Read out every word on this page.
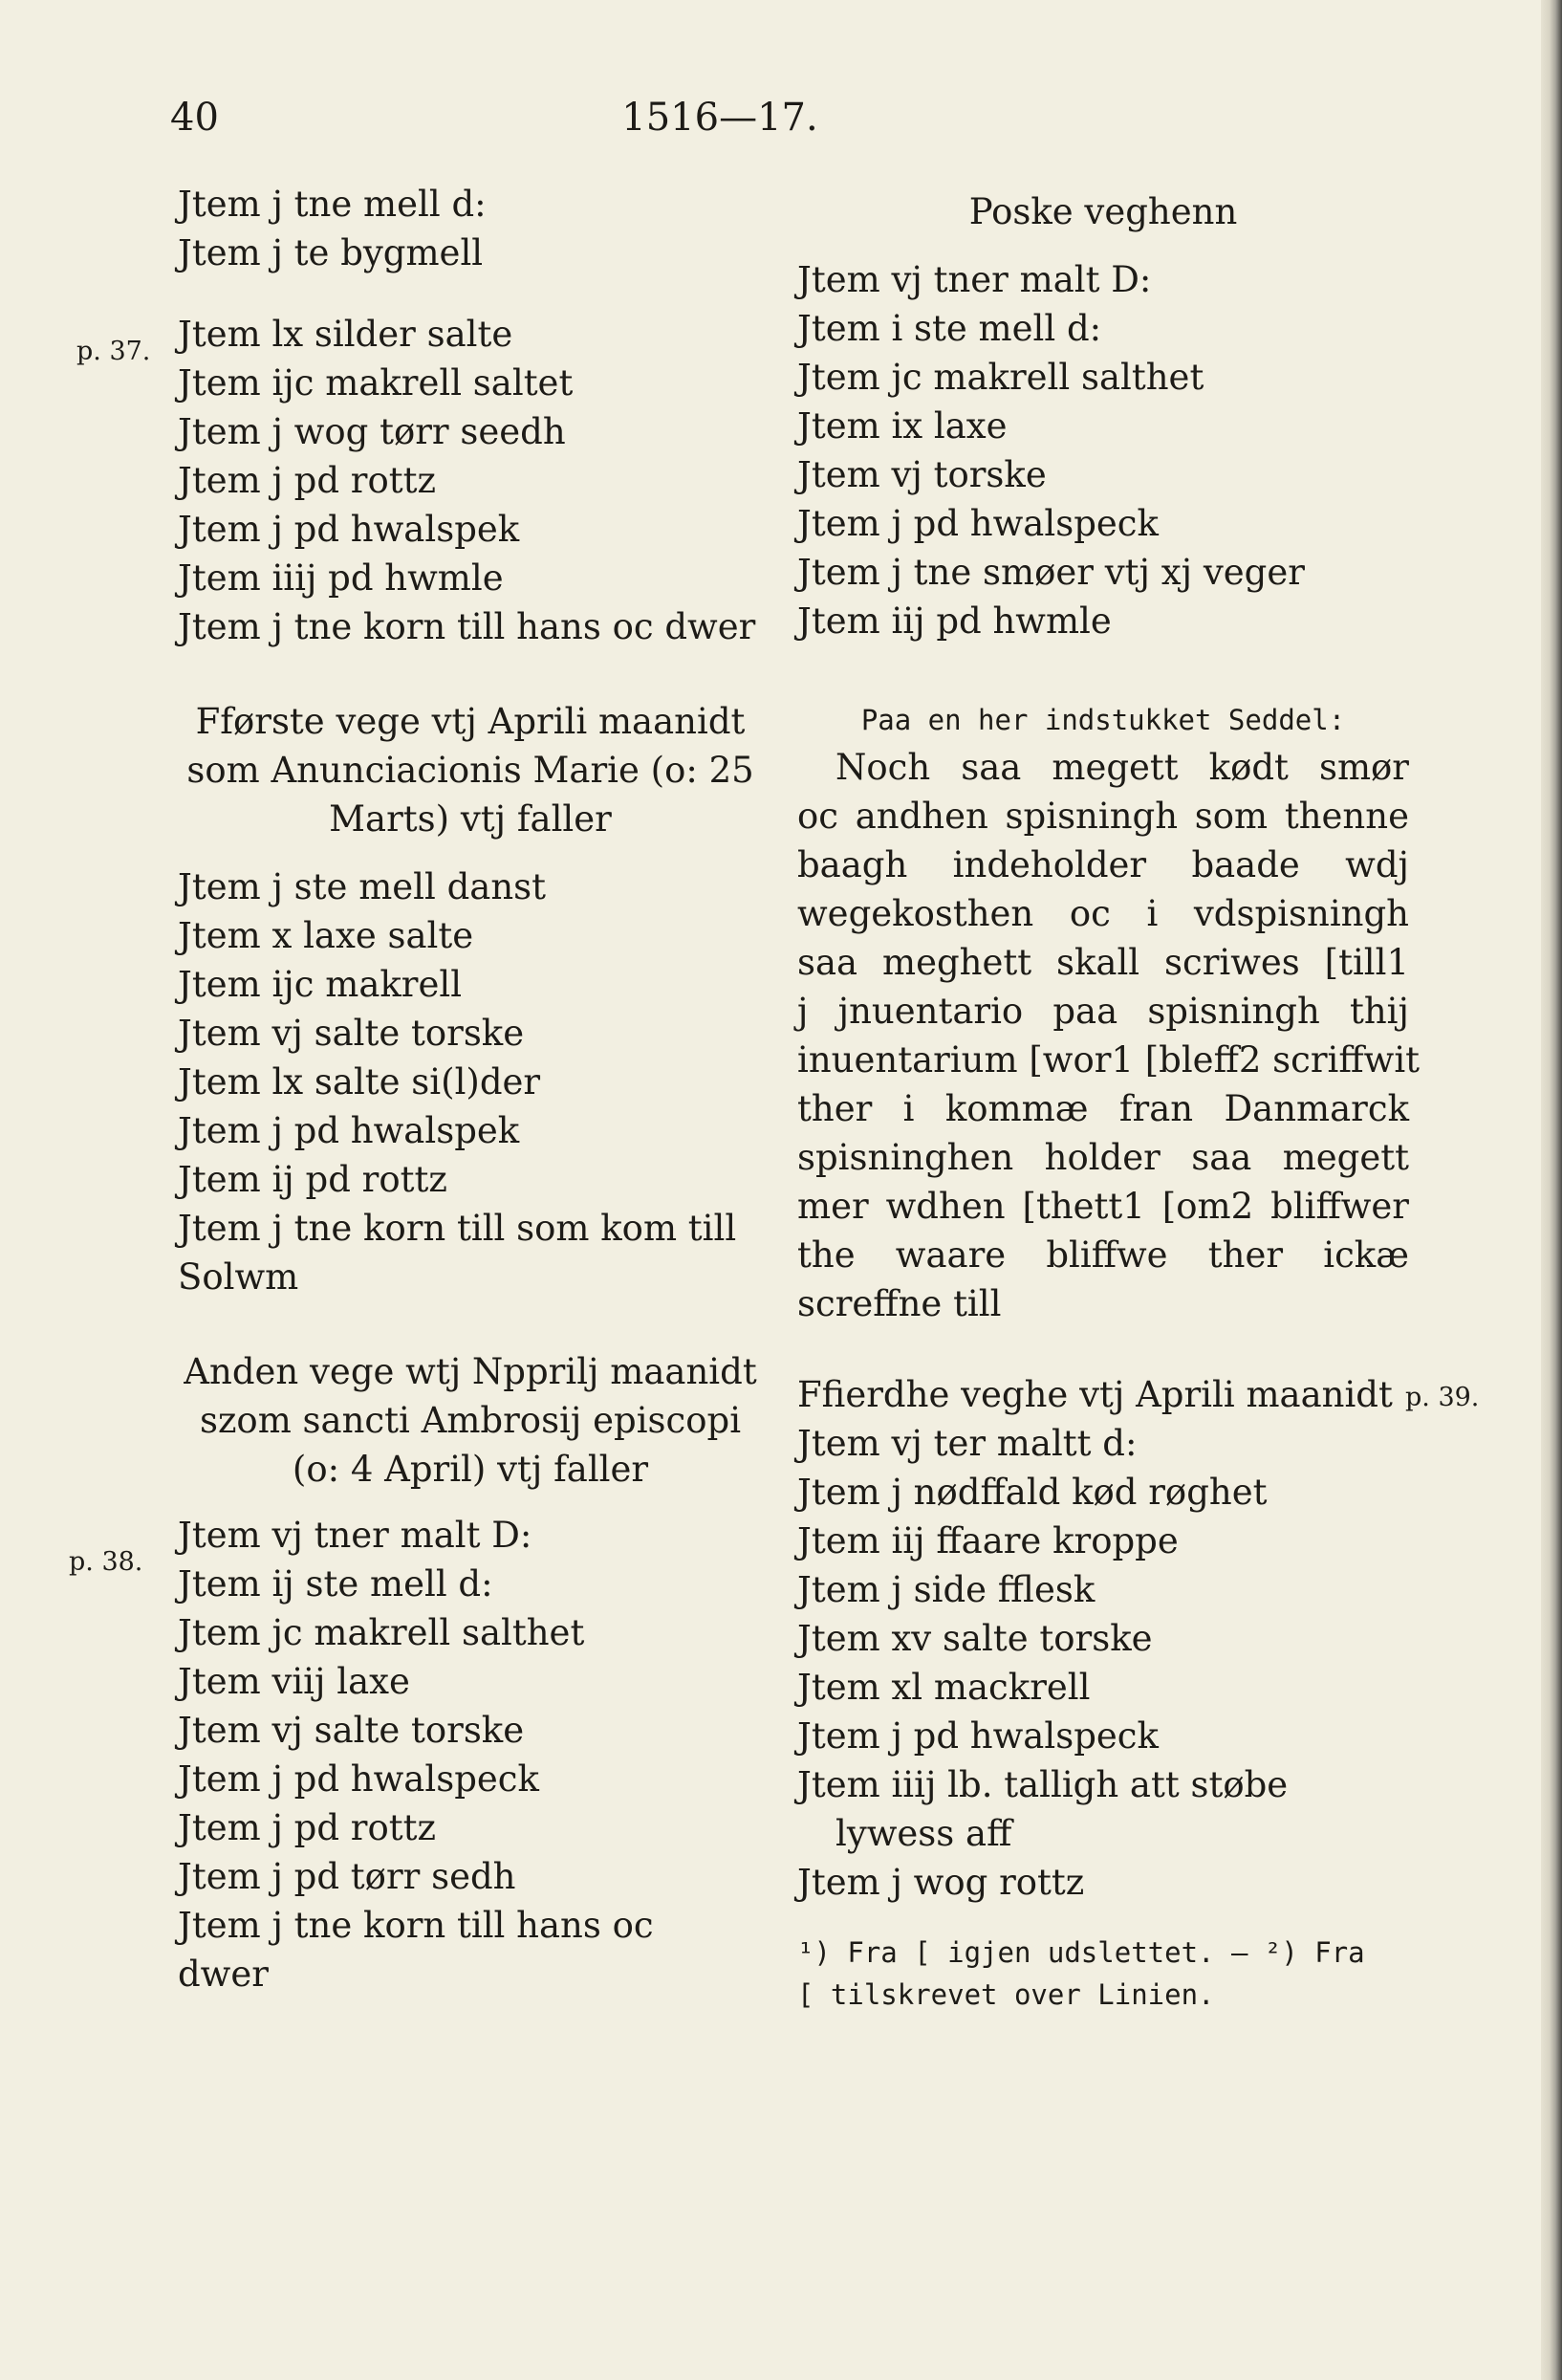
40	1516—17.
p. 37.
p. 38.
p. 39.
Jtem j tne mell d:
Jtem j te bygmell
Jtem lx silder salte
Jtem ijc makrell saltet
Jtem j wog tørr seedh
Jtem j pd rottz
Jtem j pd hwalspek
Jtem iiij pd hwmle
Jtem j tne korn till hans oc dwer
Fførste vege vtj Aprili maanidt
som Anunciacionis Marie (o: 25
Marts) vtj faller
Jtem j ste mell danst
Jtem x laxe salte
Jtem ijc makrell
Jtem vj salte torske
Jtem lx salte si(l)der
Jtem j pd hwalspek
Jtem ij pd rottz
Jtem j tne korn till som kom till
Solwm
Anden vege wtj Npprilj maanidt
szom sancti Ambrosij episcopi
(o: 4 April) vtj faller
Jtem vj tner malt D:
Jtem ij ste mell d:
Jtem jc makrell salthet
Jtem viij laxe
Jtem vj salte torske
Jtem j pd hwalspeck
Jtem j pd rottz
Jtem j pd tørr sedh
Jtem j tne korn till hans oc
dwer
Poske veghenn
Jtem vj tner malt D:
Jtem i ste mell d:
Jtem jc makrell salthet
Jtem ix laxe
Jtem vj torske
Jtem j pd hwalspeck
Jtem j tne smøer vtj xj veger
Jtem iij pd hwmle
Paa en her indstukket Seddel:
Noch saa megett kødt smør
oc andhen spisningh som thenne
baagh indeholder baade wdj
wegekosthen oc i vdspisningh
saa meghett skall scriwes [till1
j jnuentario paa spisningh thij
inuentarium [wor1 [bleff2 scriffwit
ther i kommæ fran Danmarck
spisninghen holder saa megett
mer wdhen [thett1 [om2 bliffwer
the waare bliffwe ther ickæ
screffne till
Ffierdhe veghe vtj Aprili maanidt
Jtem vj ter maltt d:
Jtem j nødffald kød røghet
Jtem iij ffaare kroppe
Jtem j side fflesk
Jtem xv salte torske
Jtem xl mackrell
Jtem j pd hwalspeck
Jtem iiij lb. talligh att støbe
lywess aff
Jtem j wog rottz
¹) Fra [ igjen udslettet. — ²) Fra
[ tilskrevet over Linien.
